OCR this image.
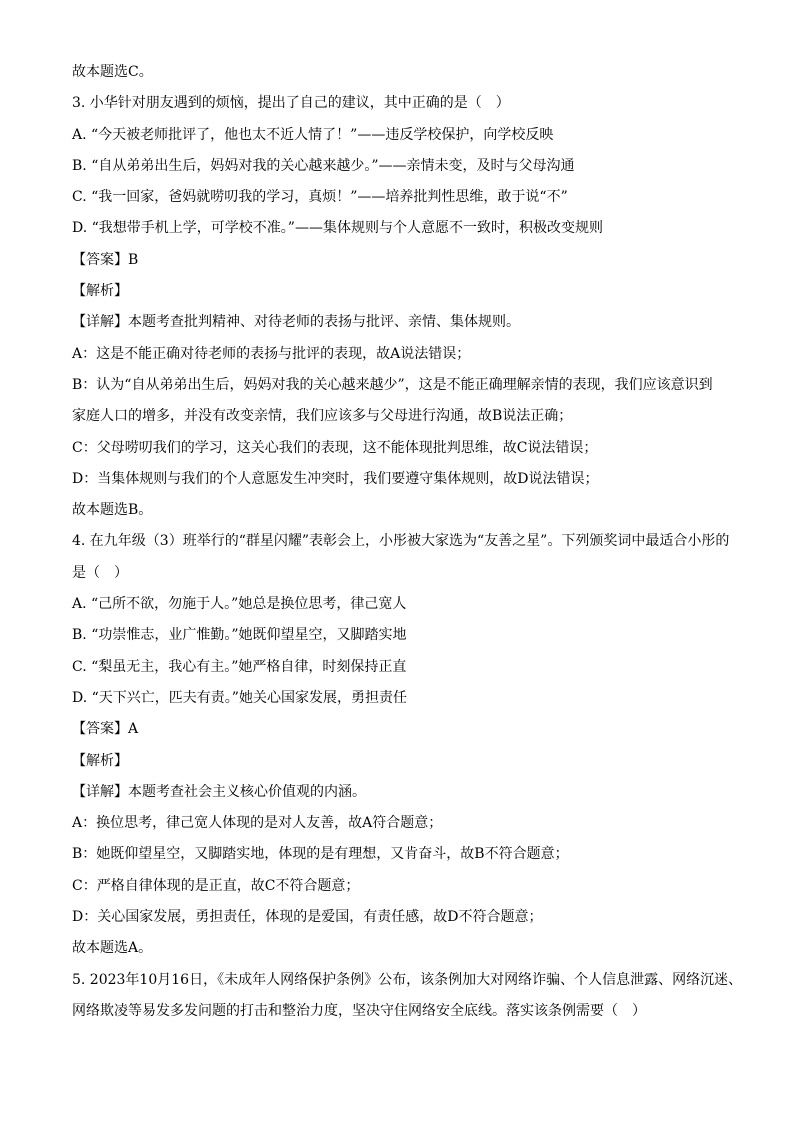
故本题选C。
3. 小华针对朋友遇到的烦恼，提出了自己的建议，其中正确的是（　）
A. “今天被老师批评了，他也太不近人情了！”——违反学校保护，向学校反映
B. “自从弟弟出生后，妈妈对我的关心越来越少。”——亲情未变，及时与父母沟通
C. “我一回家，爸妈就唠叨我的学习，真烦！”——培养批判性思维，敢于说“不”
D. “我想带手机上学，可学校不准。”——集体规则与个人意愿不一致时，积极改变规则
【答案】B
【解析】
【详解】本题考查批判精神、对待老师的表扬与批评、亲情、集体规则。
A：这是不能正确对待老师的表扬与批评的表现，故A说法错误；
B：认为“自从弟弟出生后，妈妈对我的关心越来越少”，这是不能正确理解亲情的表现，我们应该意识到
家庭人口的增多，并没有改变亲情，我们应该多与父母进行沟通，故B说法正确；
C：父母唠叨我们的学习，这关心我们的表现，这不能体现批判思维，故C说法错误；
D：当集体规则与我们的个人意愿发生冲突时，我们要遵守集体规则，故D说法错误；
故本题选B。
4. 在九年级（3）班举行的“群星闪耀”表彰会上，小彤被大家选为“友善之星”。下列颁奖词中最适合小彤的
是（　）
A. “己所不欲，勿施于人。”她总是换位思考，律己宽人
B. “功崇惟志，业广惟勤。”她既仰望星空，又脚踏实地
C. “梨虽无主，我心有主。”她严格自律，时刻保持正直
D. “天下兴亡，匹夫有责。”她关心国家发展，勇担责任
【答案】A
【解析】
【详解】本题考查社会主义核心价值观的内涵。
A：换位思考，律己宽人体现的是对人友善，故A符合题意；
B：她既仰望星空，又脚踏实地，体现的是有理想，又肯奋斗，故B不符合题意；
C：严格自律体现的是正直，故C不符合题意；
D：关心国家发展，勇担责任，体现的是爱国，有责任感，故D不符合题意；
故本题选A。
5. 2023年10月16日，《未成年人网络保护条例》公布，该条例加大对网络诈骗、个人信息泄露、网络沉迷、
网络欺凌等易发多发问题的打击和整治力度，坚决守住网络安全底线。落实该条例需要（　）
